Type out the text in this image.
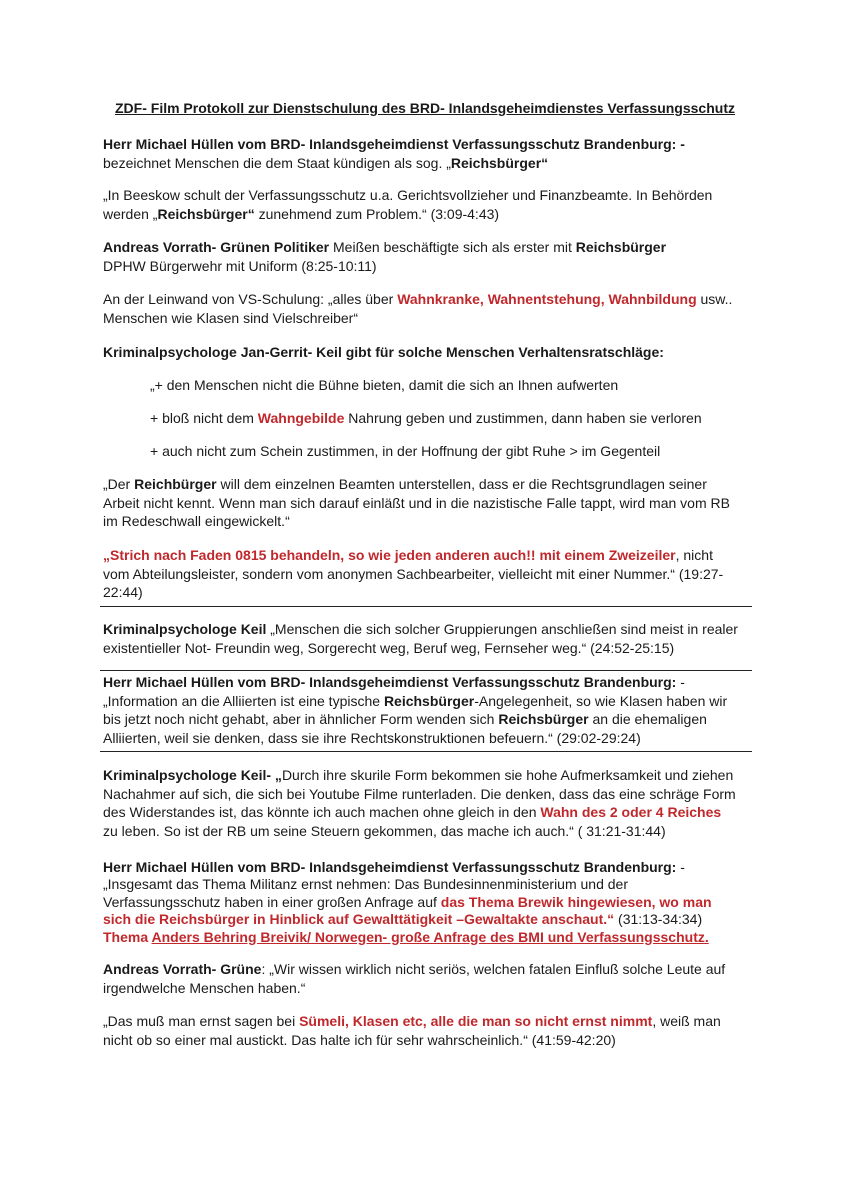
ZDF- Film Protokoll zur Dienstschulung des BRD- Inlandsgeheimdienstes Verfassungsschutz

Herr Michael Hüllen vom BRD- Inlandsgeheimdienst Verfassungsschutz Brandenburg: -
bezeichnet Menschen die dem Staat kündigen als sog. „Reichsbürger“

„In Beeskow schult der Verfassungsschutz u.a. Gerichtsvollzieher und Finanzbeamte. In Behörden
werden „Reichsbürger“ zunehmend zum Problem.“ (3:09-4:43)

Andreas Vorrath- Grünen Politiker Meißen beschäftigte sich als erster mit Reichsbürger
DPHW Bürgerwehr mit Uniform (8:25-10:11)

An der Leinwand von VS-Schulung: „alles über Wahnkranke, Wahnentstehung, Wahnbildung usw..
Menschen wie Klasen sind Vielschreiber“

Kriminalpsychologe Jan-Gerrit- Keil gibt für solche Menschen Verhaltensratschläge:

„+ den Menschen nicht die Bühne bieten, damit die sich an Ihnen aufwerten

+ bloß nicht dem Wahngebilde Nahrung geben und zustimmen, dann haben sie verloren

+ auch nicht zum Schein zustimmen, in der Hoffnung der gibt Ruhe > im Gegenteil

„Der Reichbürger will dem einzelnen Beamten unterstellen, dass er die Rechtsgrundlagen seiner
Arbeit nicht kennt. Wenn man sich darauf einläßt und in die nazistische Falle tappt, wird man vom RB
im Redeschwall eingewickelt.“

„Strich nach Faden 0815 behandeln, so wie jeden anderen auch!! mit einem Zweizeiler, nicht
vom Abteilungsleister, sondern vom anonymen Sachbearbeiter, vielleicht mit einer Nummer.“ (19:27-
22:44)

Kriminalpsychologe Keil „Menschen die sich solcher Gruppierungen anschließen sind meist in realer
existentieller Not- Freundin weg, Sorgerecht weg, Beruf weg, Fernseher weg.“ (24:52-25:15)

Herr Michael Hüllen vom BRD- Inlandsgeheimdienst Verfassungsschutz Brandenburg: -
„Information an die Alliierten ist eine typische Reichsbürger-Angelegenheit, so wie Klasen haben wir
bis jetzt noch nicht gehabt, aber in ähnlicher Form wenden sich Reichsbürger an die ehemaligen
Alliierten, weil sie denken, dass sie ihre Rechtskonstruktionen befeuern.“ (29:02-29:24)

Kriminalpsychologe Keil- „Durch ihre skurile Form bekommen sie hohe Aufmerksamkeit und ziehen
Nachahmer auf sich, die sich bei Youtube Filme runterladen. Die denken, dass das eine schräge Form
des Widerstandes ist, das könnte ich auch machen ohne gleich in den Wahn des 2 oder 4 Reiches
zu leben. So ist der RB um seine Steuern gekommen, das mache ich auch.“ ( 31:21-31:44)

Herr Michael Hüllen vom BRD- Inlandsgeheimdienst Verfassungsschutz Brandenburg: -
„Insgesamt das Thema Militanz ernst nehmen: Das Bundesinnenministerium und der
Verfassungsschutz haben in einer großen Anfrage auf das Thema Brewik hingewiesen, wo man
sich die Reichsbürger in Hinblick auf Gewalttätigkeit –Gewaltakte anschaut.“ (31:13-34:34)
Thema Anders Behring Breivik/ Norwegen- große Anfrage des BMI und Verfassungsschutz.

Andreas Vorrath- Grüne: „Wir wissen wirklich nicht seriös, welchen fatalen Einfluß solche Leute auf
irgendwelche Menschen haben.“

„Das muß man ernst sagen bei Sümeli, Klasen etc, alle die man so nicht ernst nimmt, weiß man
nicht ob so einer mal austickt. Das halte ich für sehr wahrscheinlich.“ (41:59-42:20)
